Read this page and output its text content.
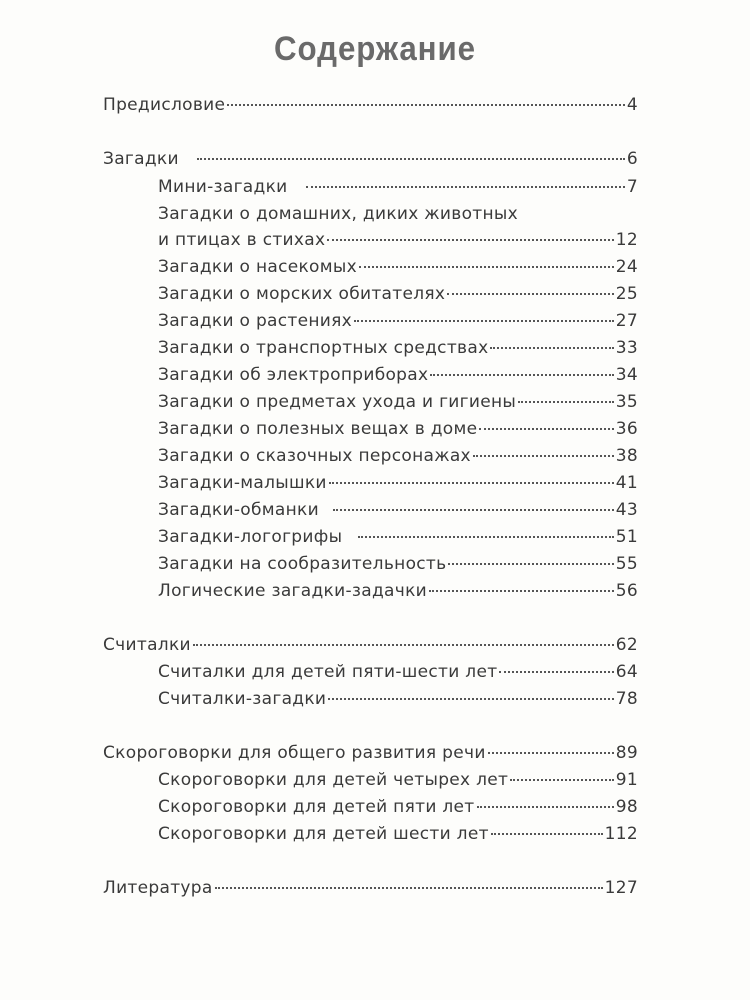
Содержание
Предисловие	4
Загадки	6
Мини-загадки	7
Загадки о домашних, диких животных
и птицах в стихах	12
Загадки о насекомых	24
Загадки о морских обитателях	25
Загадки о растениях	27
Загадки о транспортных средствах	33
Загадки об электроприборах	34
Загадки о предметах ухода и гигиены	35
Загадки о полезных вещах в доме	36
Загадки о сказочных персонажах	38
Загадки-малышки	41
Загадки-обманки	43
Загадки-логогрифы	51
Загадки на сообразительность	55
Логические загадки-задачки	56
Считалки	62
Считалки для детей пяти-шести лет	64
Считалки-загадки	78
Скороговорки для общего развития речи	89
Скороговорки для детей четырех лет	91
Скороговорки для детей пяти лет	98
Скороговорки для детей шести лет	112
Литература	127
